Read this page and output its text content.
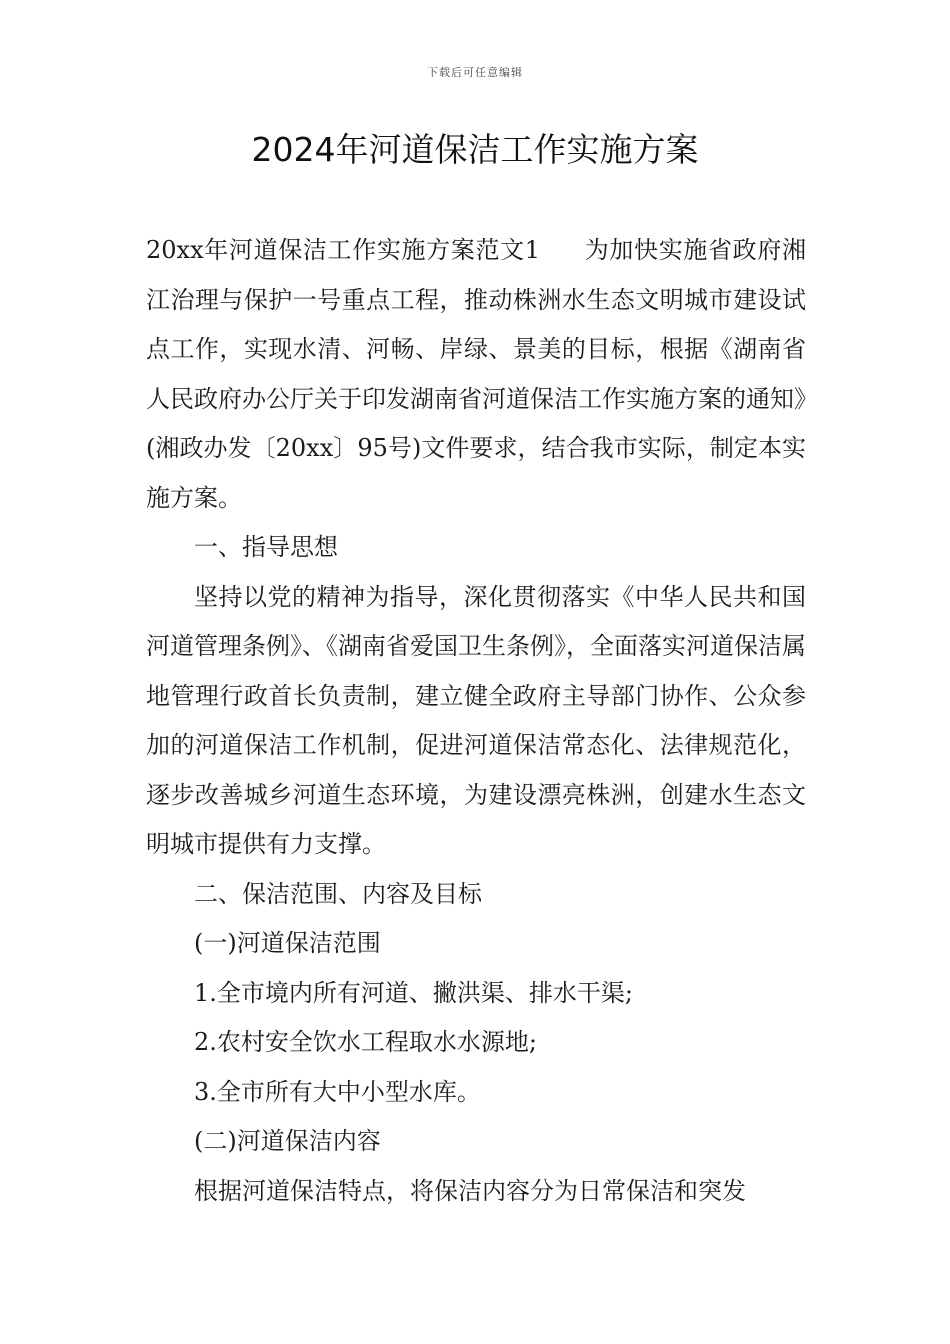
下载后可任意编辑
2024年河道保洁工作实施方案

20xx年河道保洁工作实施方案范文1 为加快实施省政府湘江治理与保护一号重点工程，推动株洲水生态文明城市建设试点工作，实现水清、河畅、岸绿、景美的目标，根据《湖南省人民政府办公厅关于印发湖南省河道保洁工作实施方案的通知》(湘政办发〔20xx〕95号)文件要求，结合我市实际，制定本实施方案。

一、指导思想

坚持以党的精神为指导，深化贯彻落实《中华人民共和国河道管理条例》、《湖南省爱国卫生条例》，全面落实河道保洁属地管理行政首长负责制，建立健全政府主导部门协作、公众参加的河道保洁工作机制，促进河道保洁常态化、法律规范化，逐步改善城乡河道生态环境，为建设漂亮株洲，创建水生态文明城市提供有力支撑。

二、保洁范围、内容及目标

(一)河道保洁范围

1.全市境内所有河道、撇洪渠、排水干渠;

2.农村安全饮水工程取水水源地;

3.全市所有大中小型水库。

(二)河道保洁内容

根据河道保洁特点，将保洁内容分为日常保洁和突发
